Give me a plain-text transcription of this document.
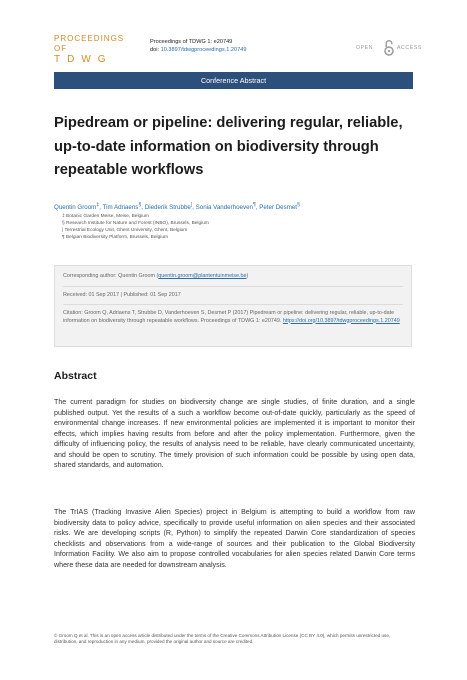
PROCEEDINGS OF
TDWG
Proceedings of TDWG 1: e20749
doi: 10.3897/tdwgproceedings.1.20749	OPEN	ACCESS
Conference Abstract
Pipedream or pipeline: delivering regular, reliable, up-to-date information on biodiversity through repeatable workflows
Quentin Groom‡, Tim Adriaens§, Diederik Strubbe|, Sonia Vanderhoeven¶, Peter Desmet§
‡ Botanic Garden Meise, Meise, Belgium
§ Research Institute for Nature and Forest (INBO), Brussels, Belgium
| Terrestrial Ecology Unit, Ghent University, Ghent, Belgium
¶ Belgian Biodiversity Platform, Brussels, Belgium

Corresponding author: Quentin Groom (quentin.groom@plantentuinmeise.be)

Received: 01 Sep 2017 | Published: 01 Sep 2017

Citation: Groom Q, Adriaens T, Strubbe D, Vanderhoeven S, Desmet P (2017) Pipedream or pipeline: delivering regular, reliable, up-to-date information on biodiversity through repeatable workflows. Proceedings of TDWG 1: e20749. https://doi.org/10.3897/tdwgproceedings.1.20749

Abstract

The current paradigm for studies on biodiversity change are single studies, of finite duration, and a single published output. Yet the results of a such a workflow become out-of-date quickly, particularly as the speed of environmental change increases. If new environmental policies are implemented it is important to monitor their effects, which implies having results from before and after the policy implementation. Furthermore, given the difficulty of influencing policy, the results of analysis need to be reliable, have clearly communicated uncertainty, and should be open to scrutiny. The timely provision of such information could be possible by using open data, shared standards, and automation.

The TrIAS (Tracking Invasive Alien Species) project in Belgium is attempting to build a workflow from raw biodiversity data to policy advice, specifically to provide useful information on alien species and their associated risks. We are developing scripts (R, Python) to simplify the repeated Darwin Core standardization of species checklists and observations from a wide-range of sources and their publication to the Global Biodiversity Information Facility. We also aim to propose controlled vocabularies for alien species related Darwin Core terms where these data are needed for downstream analysis.

© Groom Q et al. This is an open access article distributed under the terms of the Creative Commons Attribution License (CC BY 4.0), which permits unrestricted use, distribution, and reproduction in any medium, provided the original author and source are credited.
